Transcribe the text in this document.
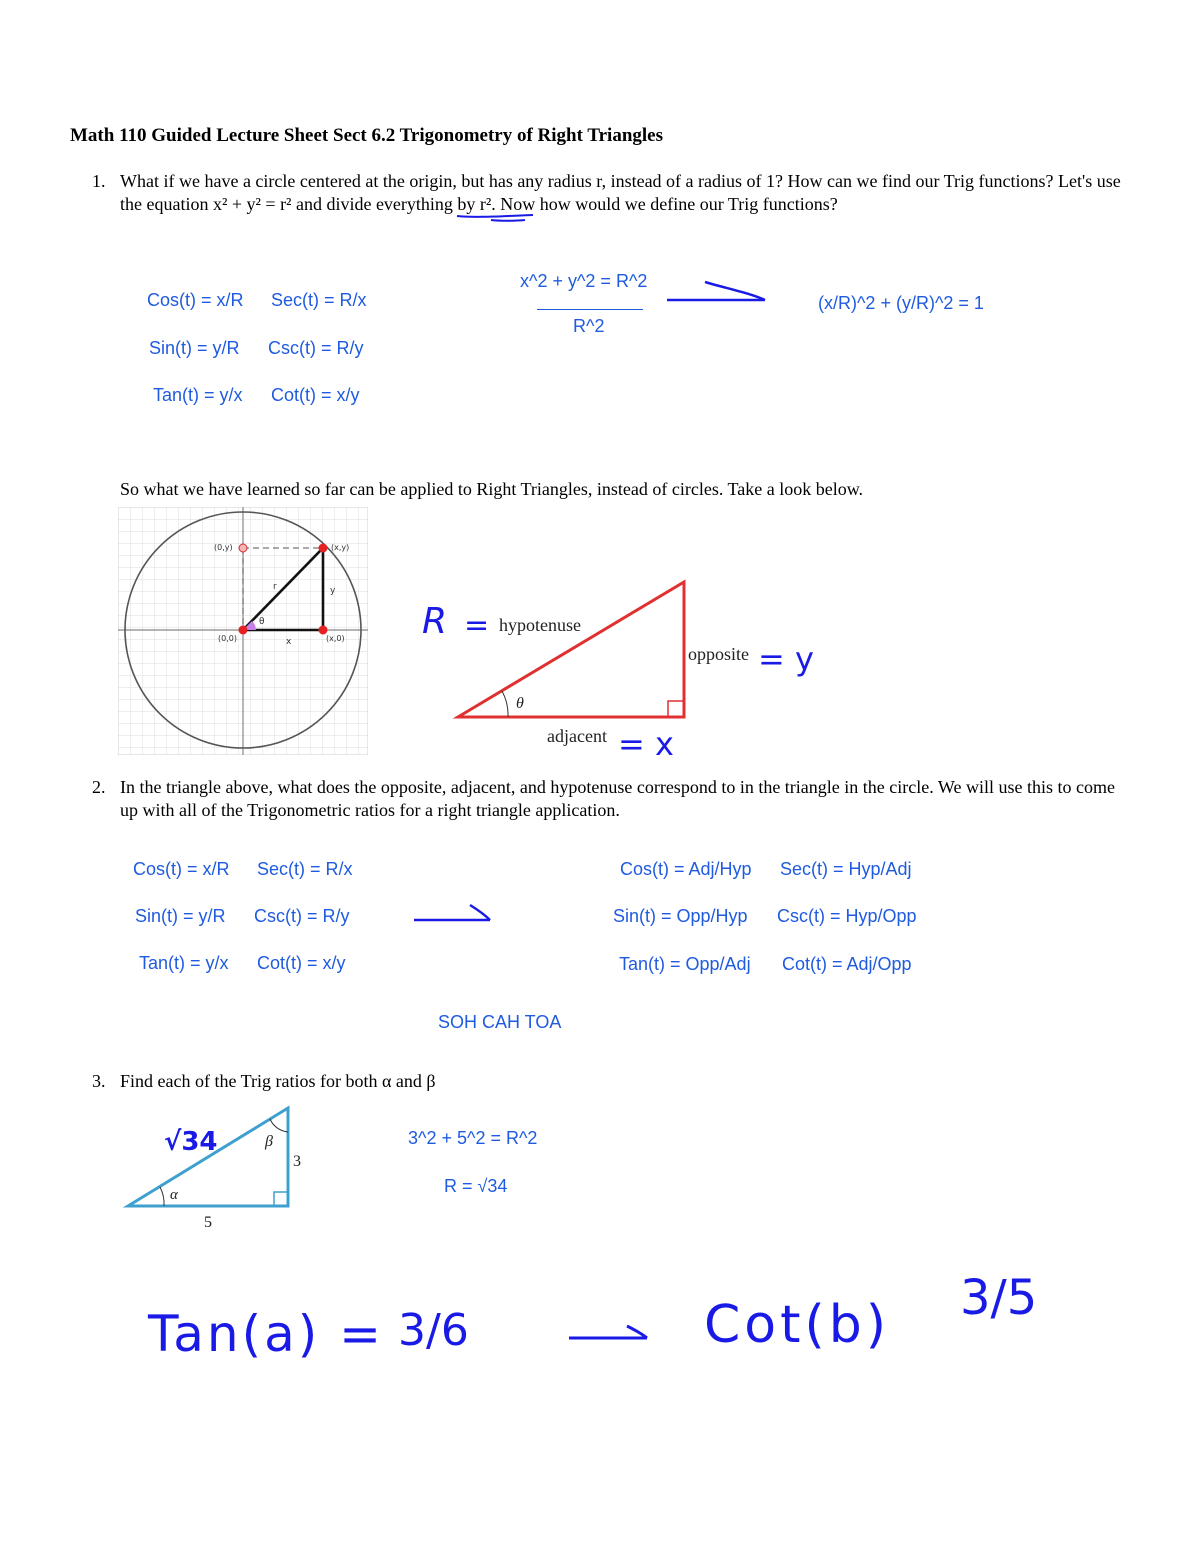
Math 110 Guided Lecture Sheet Sect 6.2 Trigonometry of Right Triangles
1. What if we have a circle centered at the origin, but has any radius r, instead of a radius of 1? How can we find our Trig functions? Let's use the equation x² + y² = r² and divide everything by r². Now how would we define our Trig functions?
Cos(t) = x/R Sec(t) = R/x
Sin(t) = y/R Csc(t) = R/y
Tan(t) = y/x Cot(t) = x/y
x^2 + y^2 = R^2
R^2
(x/R)^2 + (y/R)^2 = 1
So what we have learned so far can be applied to Right Triangles, instead of circles. Take a look below.
(0,y)	(x,y)
(0,0)	(x,0)
r	y
x
θ
θ
hypotenuse
opposite
adjacent
R =
= y
= x
2. In the triangle above, what does the opposite, adjacent, and hypotenuse correspond to in the triangle in the circle. We will use this to come up with all of the Trigonometric ratios for a right triangle application.
Cos(t) = x/R Sec(t) = R/x
Sin(t) = y/R Csc(t) = R/y
Tan(t) = y/x Cot(t) = x/y
Cos(t) = Adj/Hyp Sec(t) = Hyp/Adj
Sin(t) = Opp/Hyp Csc(t) = Hyp/Opp
Tan(t) = Opp/Adj Cot(t) = Adj/Opp
SOH CAH TOA
3. Find each of the Trig ratios for both α and β
α
β
3
5
√34	3^2 + 5^2 = R^2
R = √34
Tan(a) = 3/6	Cot(b) 3/5
